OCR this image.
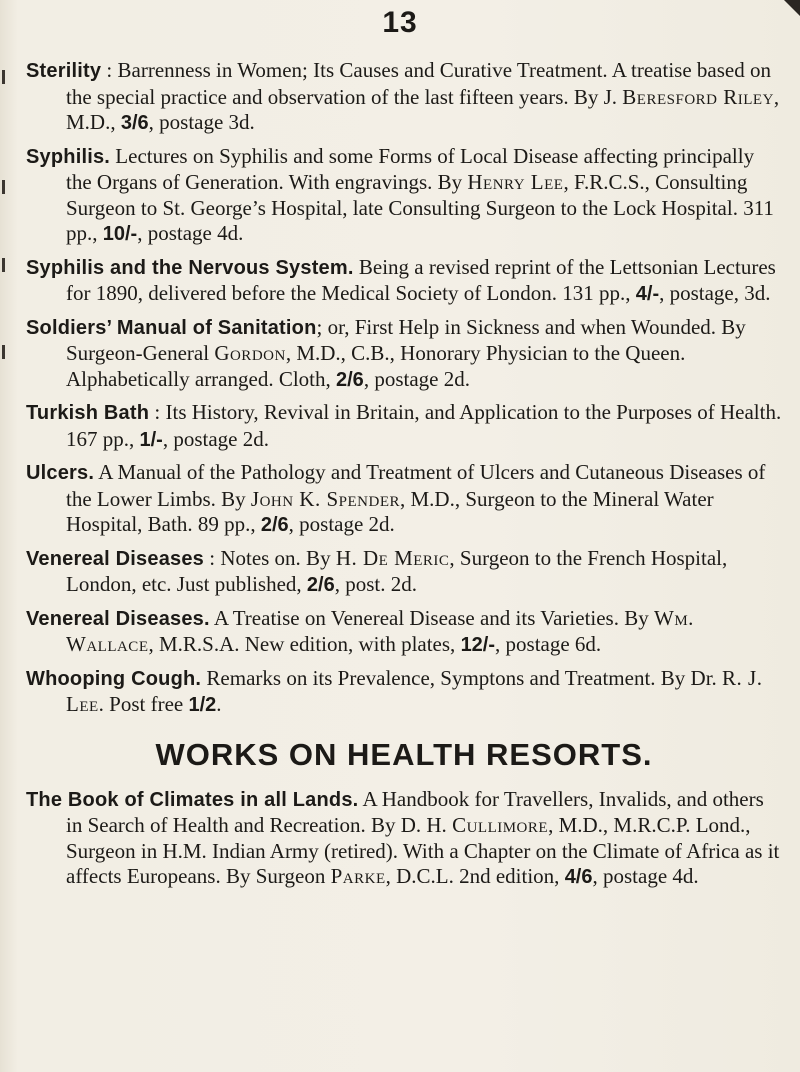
13

Sterility : Barrenness in Women; Its Causes and Curative Treatment. A treatise based on the special practice and observation of the last fifteen years. By J. Beresford Riley, M.D., 3/6, postage 3d.

Syphilis. Lectures on Syphilis and some Forms of Local Disease affecting principally the Organs of Generation. With engravings. By Henry Lee, F.R.C.S., Consulting Surgeon to St. George’s Hospital, late Consulting Surgeon to the Lock Hospital. 311 pp., 10/-, postage 4d.

Syphilis and the Nervous System. Being a revised reprint of the Lettsonian Lectures for 1890, delivered before the Medical Society of London. 131 pp., 4/-, postage, 3d.

Soldiers’ Manual of Sanitation; or, First Help in Sickness and when Wounded. By Surgeon-General Gordon, M.D., C.B., Honorary Physician to the Queen. Alphabetically arranged. Cloth, 2/6, postage 2d.

Turkish Bath : Its History, Revival in Britain, and Application to the Purposes of Health. 167 pp., 1/-, postage 2d.

Ulcers. A Manual of the Pathology and Treatment of Ulcers and Cutaneous Diseases of the Lower Limbs. By John K. Spender, M.D., Surgeon to the Mineral Water Hospital, Bath. 89 pp., 2/6, postage 2d.

Venereal Diseases : Notes on. By H. De Meric, Surgeon to the French Hospital, London, etc. Just published, 2/6, post. 2d.

Venereal Diseases. A Treatise on Venereal Disease and its Varieties. By Wm. Wallace, M.R.S.A. New edition, with plates, 12/-, postage 6d.

Whooping Cough. Remarks on its Prevalence, Symptons and Treatment. By Dr. R. J. Lee. Post free 1/2.

WORKS ON HEALTH RESORTS.

The Book of Climates in all Lands. A Handbook for Travellers, Invalids, and others in Search of Health and Recreation. By D. H. Cullimore, M.D., M.R.C.P. Lond., Surgeon in H.M. Indian Army (retired). With a Chapter on the Climate of Africa as it affects Europeans. By Surgeon Parke, D.C.L. 2nd edition, 4/6, postage 4d.
